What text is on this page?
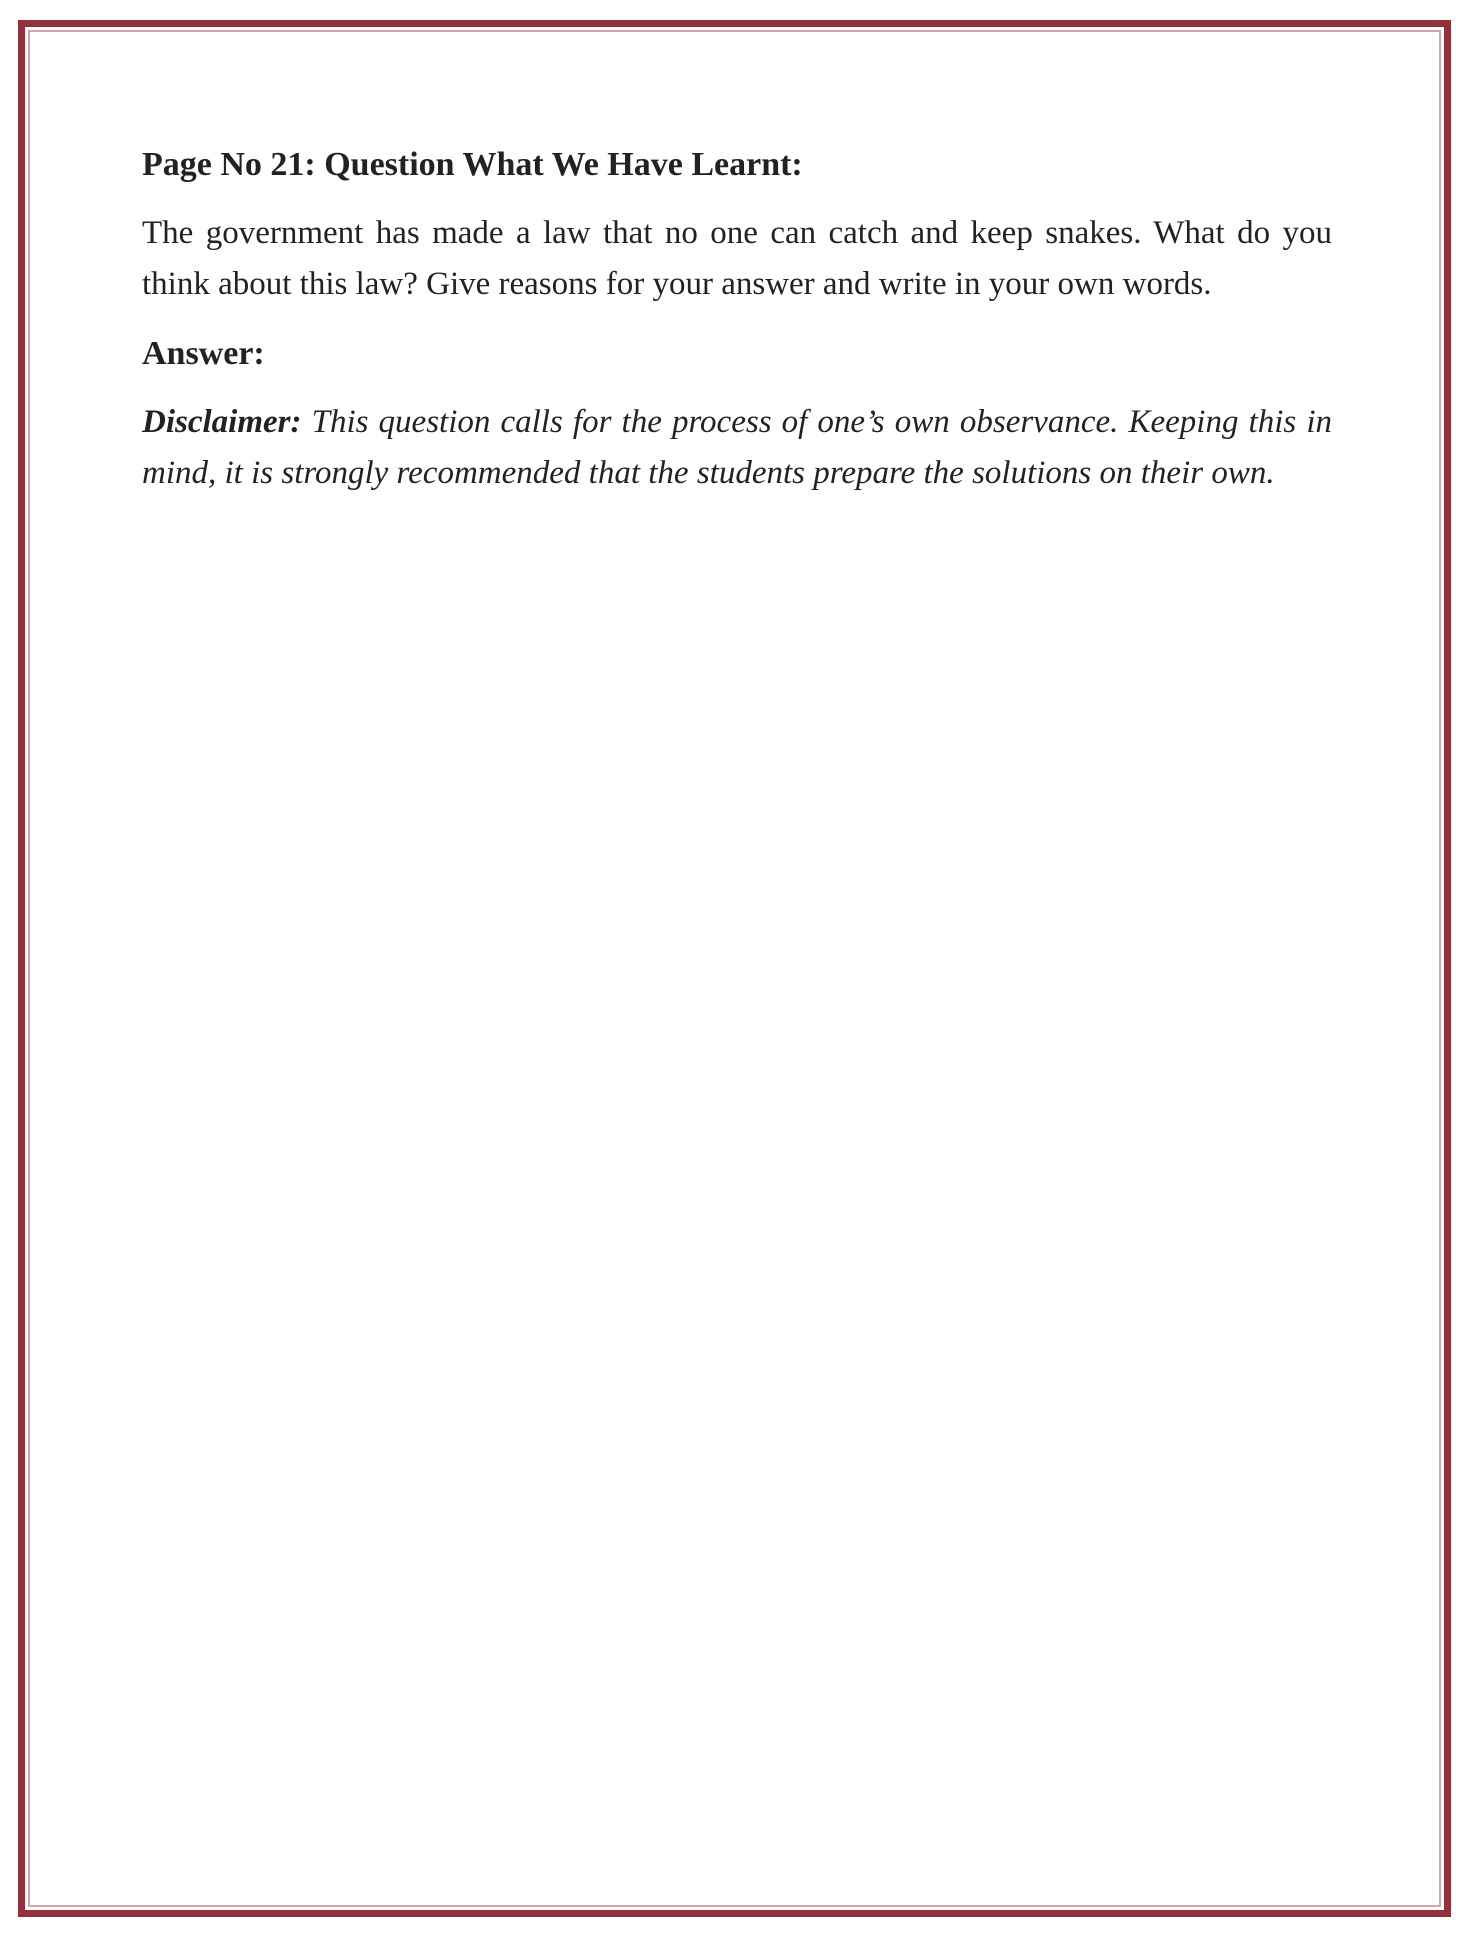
Page No 21: Question What We Have Learnt:

The government has made a law that no one can catch and keep snakes. What do you think about this law? Give reasons for your answer and write in your own words.

Answer:

Disclaimer: This question calls for the process of one’s own observance. Keeping this in mind, it is strongly recommended that the students prepare the solutions on their own.
